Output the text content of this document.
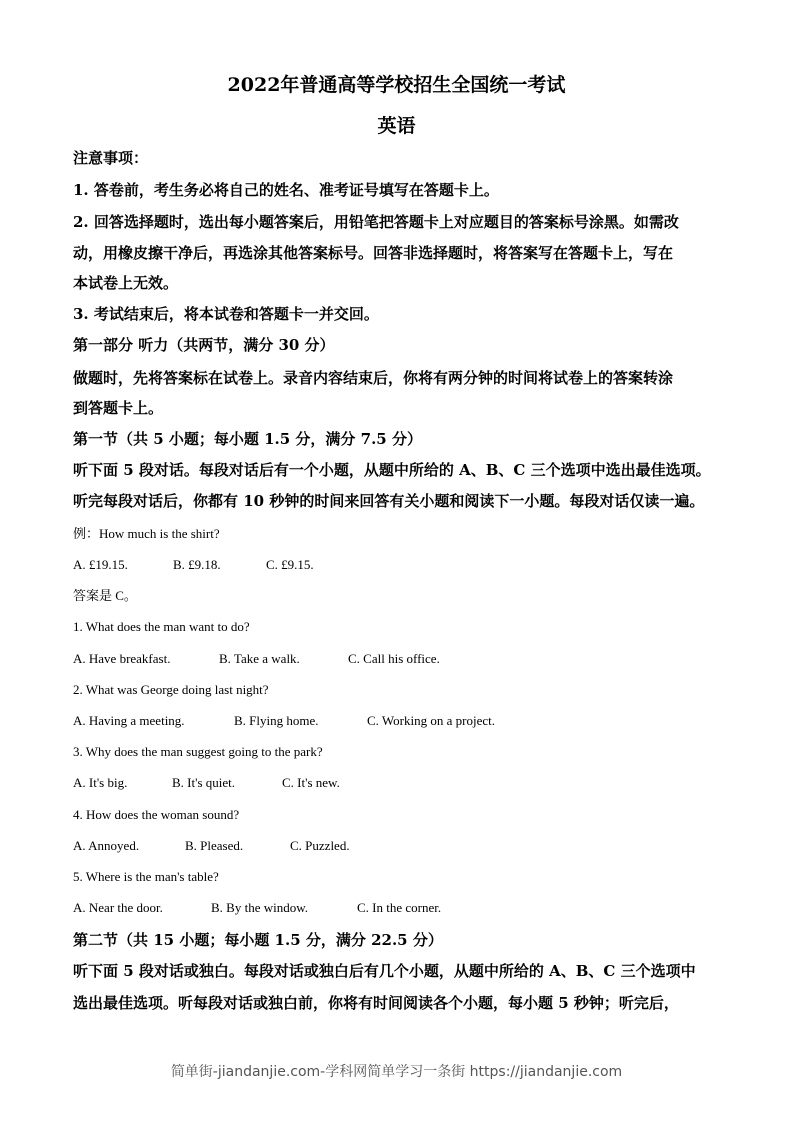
2022年普通高等学校招生全国统一考试
英语
注意事项：
1. 答卷前，考生务必将自己的姓名、准考证号填写在答题卡上。
2. 回答选择题时，选出每小题答案后，用铅笔把答题卡上对应题目的答案标号涂黑。如需改
动，用橡皮擦干净后，再选涂其他答案标号。回答非选择题时，将答案写在答题卡上，写在
本试卷上无效。
3. 考试结束后，将本试卷和答题卡一并交回。
第一部分 听力（共两节，满分 30 分）
做题时，先将答案标在试卷上。录音内容结束后，你将有两分钟的时间将试卷上的答案转涂
到答题卡上。
第一节（共 5 小题；每小题 1.5 分，满分 7.5 分）
听下面 5 段对话。每段对话后有一个小题，从题中所给的 A、B、C 三个选项中选出最佳选项。
听完每段对话后，你都有 10 秒钟的时间来回答有关小题和阅读下一小题。每段对话仅读一遍。
例：How much is the shirt?
A. £19.15.	B. £9.18.	C. £9.15.
答案是 C。
1. What does the man want to do?
A. Have breakfast.	B. Take a walk.	C. Call his office.
2. What was George doing last night?
A. Having a meeting.	B. Flying home.	C. Working on a project.
3. Why does the man suggest going to the park?
A. It's big.	B. It's quiet.	C. It's new.
4. How does the woman sound?
A. Annoyed.	B. Pleased.	C. Puzzled.
5. Where is the man's table?
A. Near the door.	B. By the window.	C. In the corner.
第二节（共 15 小题；每小题 1.5 分，满分 22.5 分）
听下面 5 段对话或独白。每段对话或独白后有几个小题，从题中所给的 A、B、C 三个选项中
选出最佳选项。听每段对话或独白前，你将有时间阅读各个小题，每小题 5 秒钟；听完后，
简单街-jiandanjie.com-学科网简单学习一条街 https://jiandanjie.com
